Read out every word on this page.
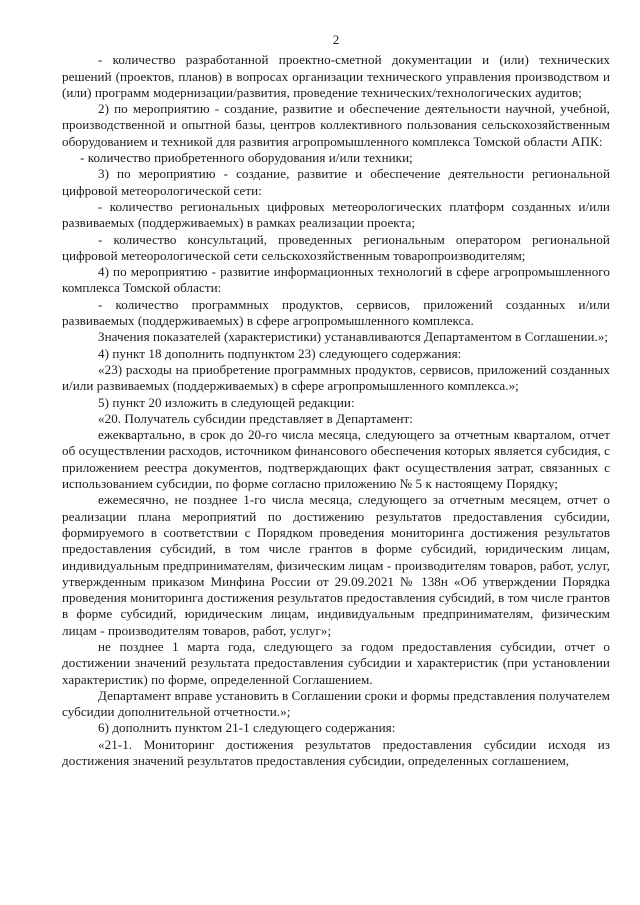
2

- количество разработанной проектно-сметной документации и (или) технических решений (проектов, планов) в вопросах организации технического управления производством и (или) программ модернизации/развития, проведение технических/технологических аудитов;

2) по мероприятию - создание, развитие и обеспечение деятельности научной, учебной, производственной и опытной базы, центров коллективного пользования сельскохозяйственным оборудованием и техникой для развития агропромышленного комплекса Томской области АПК:

- количество приобретенного оборудования и/или техники;

3) по мероприятию - создание, развитие и обеспечение деятельности региональной цифровой метеорологической сети:

- количество региональных цифровых метеорологических платформ созданных и/или развиваемых (поддерживаемых) в рамках реализации проекта;

- количество консультаций, проведенных региональным оператором региональной цифровой метеорологической сети сельскохозяйственным товаропроизводителям;

4) по мероприятию - развитие информационных технологий в сфере агропромышленного комплекса Томской области:

- количество программных продуктов, сервисов, приложений созданных и/или развиваемых (поддерживаемых) в сфере агропромышленного комплекса.

Значения показателей (характеристики) устанавливаются Департаментом в Соглашении.»;

4) пункт 18 дополнить подпунктом 23) следующего содержания:

«23) расходы на приобретение программных продуктов, сервисов, приложений созданных и/или развиваемых (поддерживаемых) в сфере агропромышленного комплекса.»;

5) пункт 20 изложить в следующей редакции:

«20. Получатель субсидии представляет в Департамент:

ежеквартально, в срок до 20-го числа месяца, следующего за отчетным кварталом, отчет об осуществлении расходов, источником финансового обеспечения которых является субсидия, с приложением реестра документов, подтверждающих факт осуществления затрат, связанных с использованием субсидии, по форме согласно приложению № 5 к настоящему Порядку;

ежемесячно, не позднее 1-го числа месяца, следующего за отчетным месяцем, отчет о реализации плана мероприятий по достижению результатов предоставления субсидии, формируемого в соответствии с Порядком проведения мониторинга достижения результатов предоставления субсидий, в том числе грантов в форме субсидий, юридическим лицам, индивидуальным предпринимателям, физическим лицам - производителям товаров, работ, услуг, утвержденным приказом Минфина России от 29.09.2021 № 138н «Об утверждении Порядка проведения мониторинга достижения результатов предоставления субсидий, в том числе грантов в форме субсидий, юридическим лицам, индивидуальным предпринимателям, физическим лицам - производителям товаров, работ, услуг»;

не позднее 1 марта года, следующего за годом предоставления субсидии, отчет о достижении значений результата предоставления субсидии и характеристик (при установлении характеристик) по форме, определенной Соглашением.

Департамент вправе установить в Соглашении сроки и формы представления получателем субсидии дополнительной отчетности.»;

6) дополнить пунктом 21-1 следующего содержания:

«21-1. Мониторинг достижения результатов предоставления субсидии исходя из достижения значений результатов предоставления субсидии, определенных соглашением,
